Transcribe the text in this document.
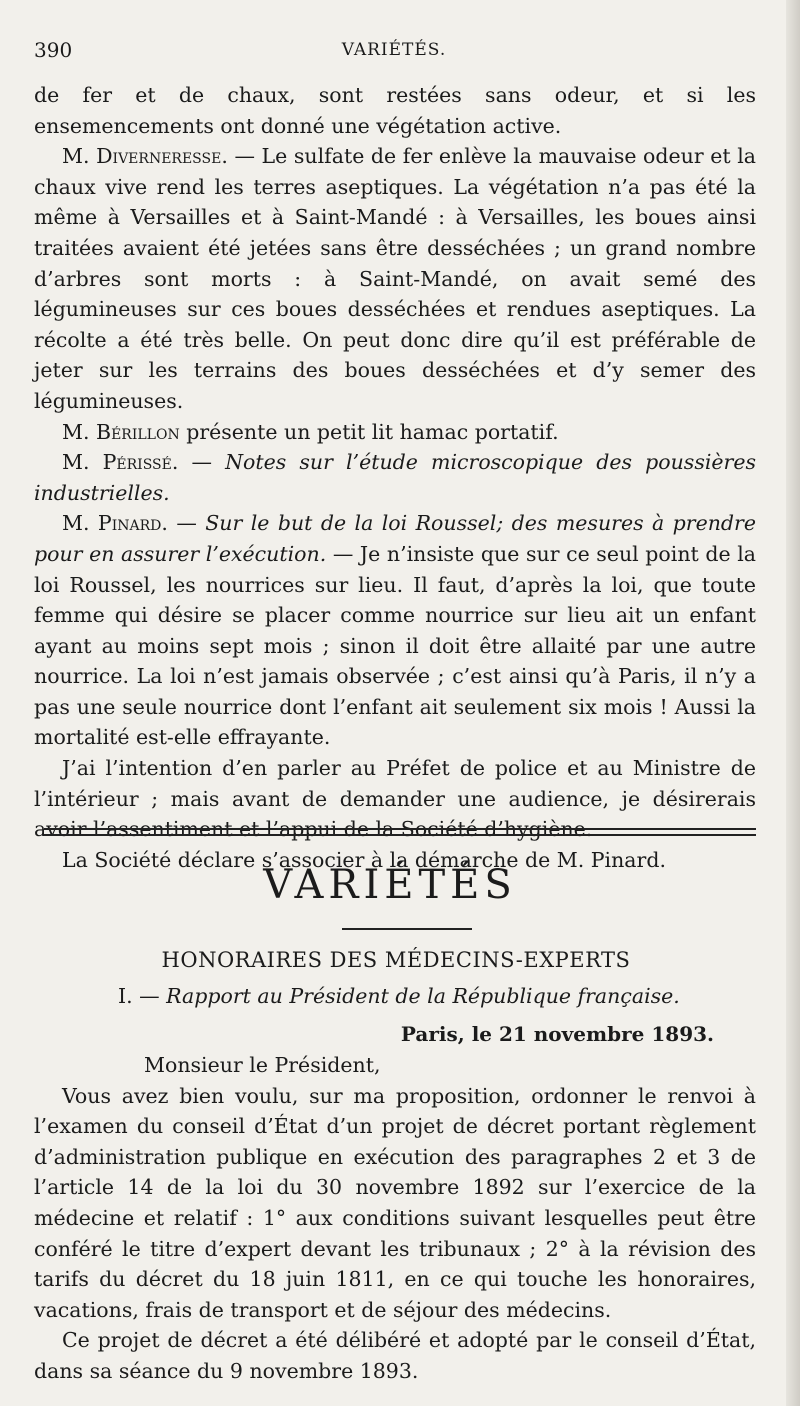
390	VARIÉTÉS.

de fer et de chaux, sont restées sans odeur, et si les ensemencements ont donné une végétation active.

M. Diverneresse. — Le sulfate de fer enlève la mauvaise odeur et la chaux vive rend les terres aseptiques. La végétation n’a pas été la même à Versailles et à Saint-Mandé : à Versailles, les boues ainsi traitées avaient été jetées sans être desséchées ; un grand nombre d’arbres sont morts : à Saint-Mandé, on avait semé des légumineuses sur ces boues desséchées et rendues aseptiques. La récolte a été très belle. On peut donc dire qu’il est préférable de jeter sur les terrains des boues desséchées et d’y semer des légumineuses.

M. Bérillon présente un petit lit hamac portatif.

M. Périssé. — Notes sur l’étude microscopique des poussières industrielles.

M. Pinard. — Sur le but de la loi Roussel; des mesures à prendre pour en assurer l’exécution. — Je n’insiste que sur ce seul point de la loi Roussel, les nourrices sur lieu. Il faut, d’après la loi, que toute femme qui désire se placer comme nourrice sur lieu ait un enfant ayant au moins sept mois ; sinon il doit être allaité par une autre nourrice. La loi n’est jamais observée ; c’est ainsi qu’à Paris, il n’y a pas une seule nourrice dont l’enfant ait seulement six mois ! Aussi la mortalité est-elle effrayante.

J’ai l’intention d’en parler au Préfet de police et au Ministre de l’intérieur ; mais avant de demander une audience, je désirerais avoir l’assentiment et l’appui de la Société d’hygiène.

La Société déclare s’associer à la démarche de M. Pinard.

VARIÉTÉS
HONORAIRES DES MÉDECINS-EXPERTS
I. — Rapport au Président de la République française.
Paris, le 21 novembre 1893.

Monsieur le Président,

Vous avez bien voulu, sur ma proposition, ordonner le renvoi à l’examen du conseil d’État d’un projet de décret portant règlement d’administration publique en exécution des paragraphes 2 et 3 de l’article 14 de la loi du 30 novembre 1892 sur l’exercice de la médecine et relatif : 1° aux conditions suivant lesquelles peut être conféré le titre d’expert devant les tribunaux ; 2° à la révision des tarifs du décret du 18 juin 1811, en ce qui touche les honoraires, vacations, frais de transport et de séjour des médecins.

Ce projet de décret a été délibéré et adopté par le conseil d’État, dans sa séance du 9 novembre 1893.
